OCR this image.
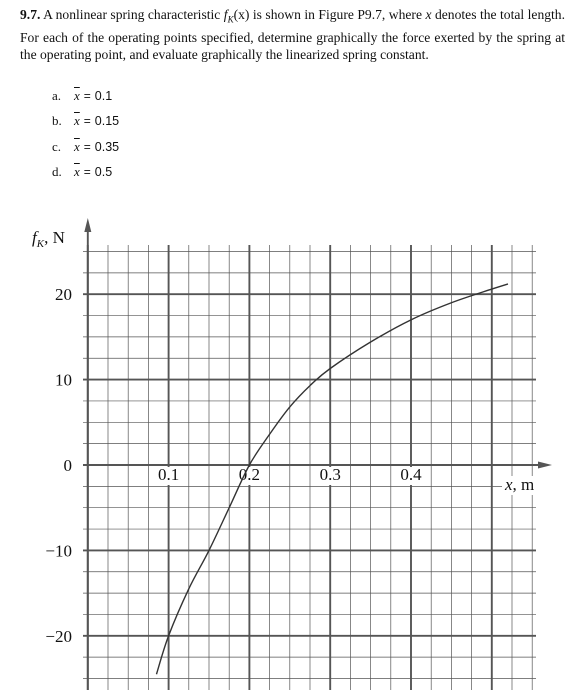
9.7. A nonlinear spring characteristic $f_K(x)$ is shown in Figure P9.7, where x denotes the total length. For each of the operating points specified, determine graphically the force exerted by the spring at the operating point, and evaluate graphically the linearized spring constant.
a. $\overline{x} = 0.1$
b. $\overline{x} = 0.15$
c. $\overline{x} = 0.35$
d. $\overline{x} = 0.5$
0.1	0.2	0.3	0.4
20
10
0
−10
−20
$f_K$, N
x, m
